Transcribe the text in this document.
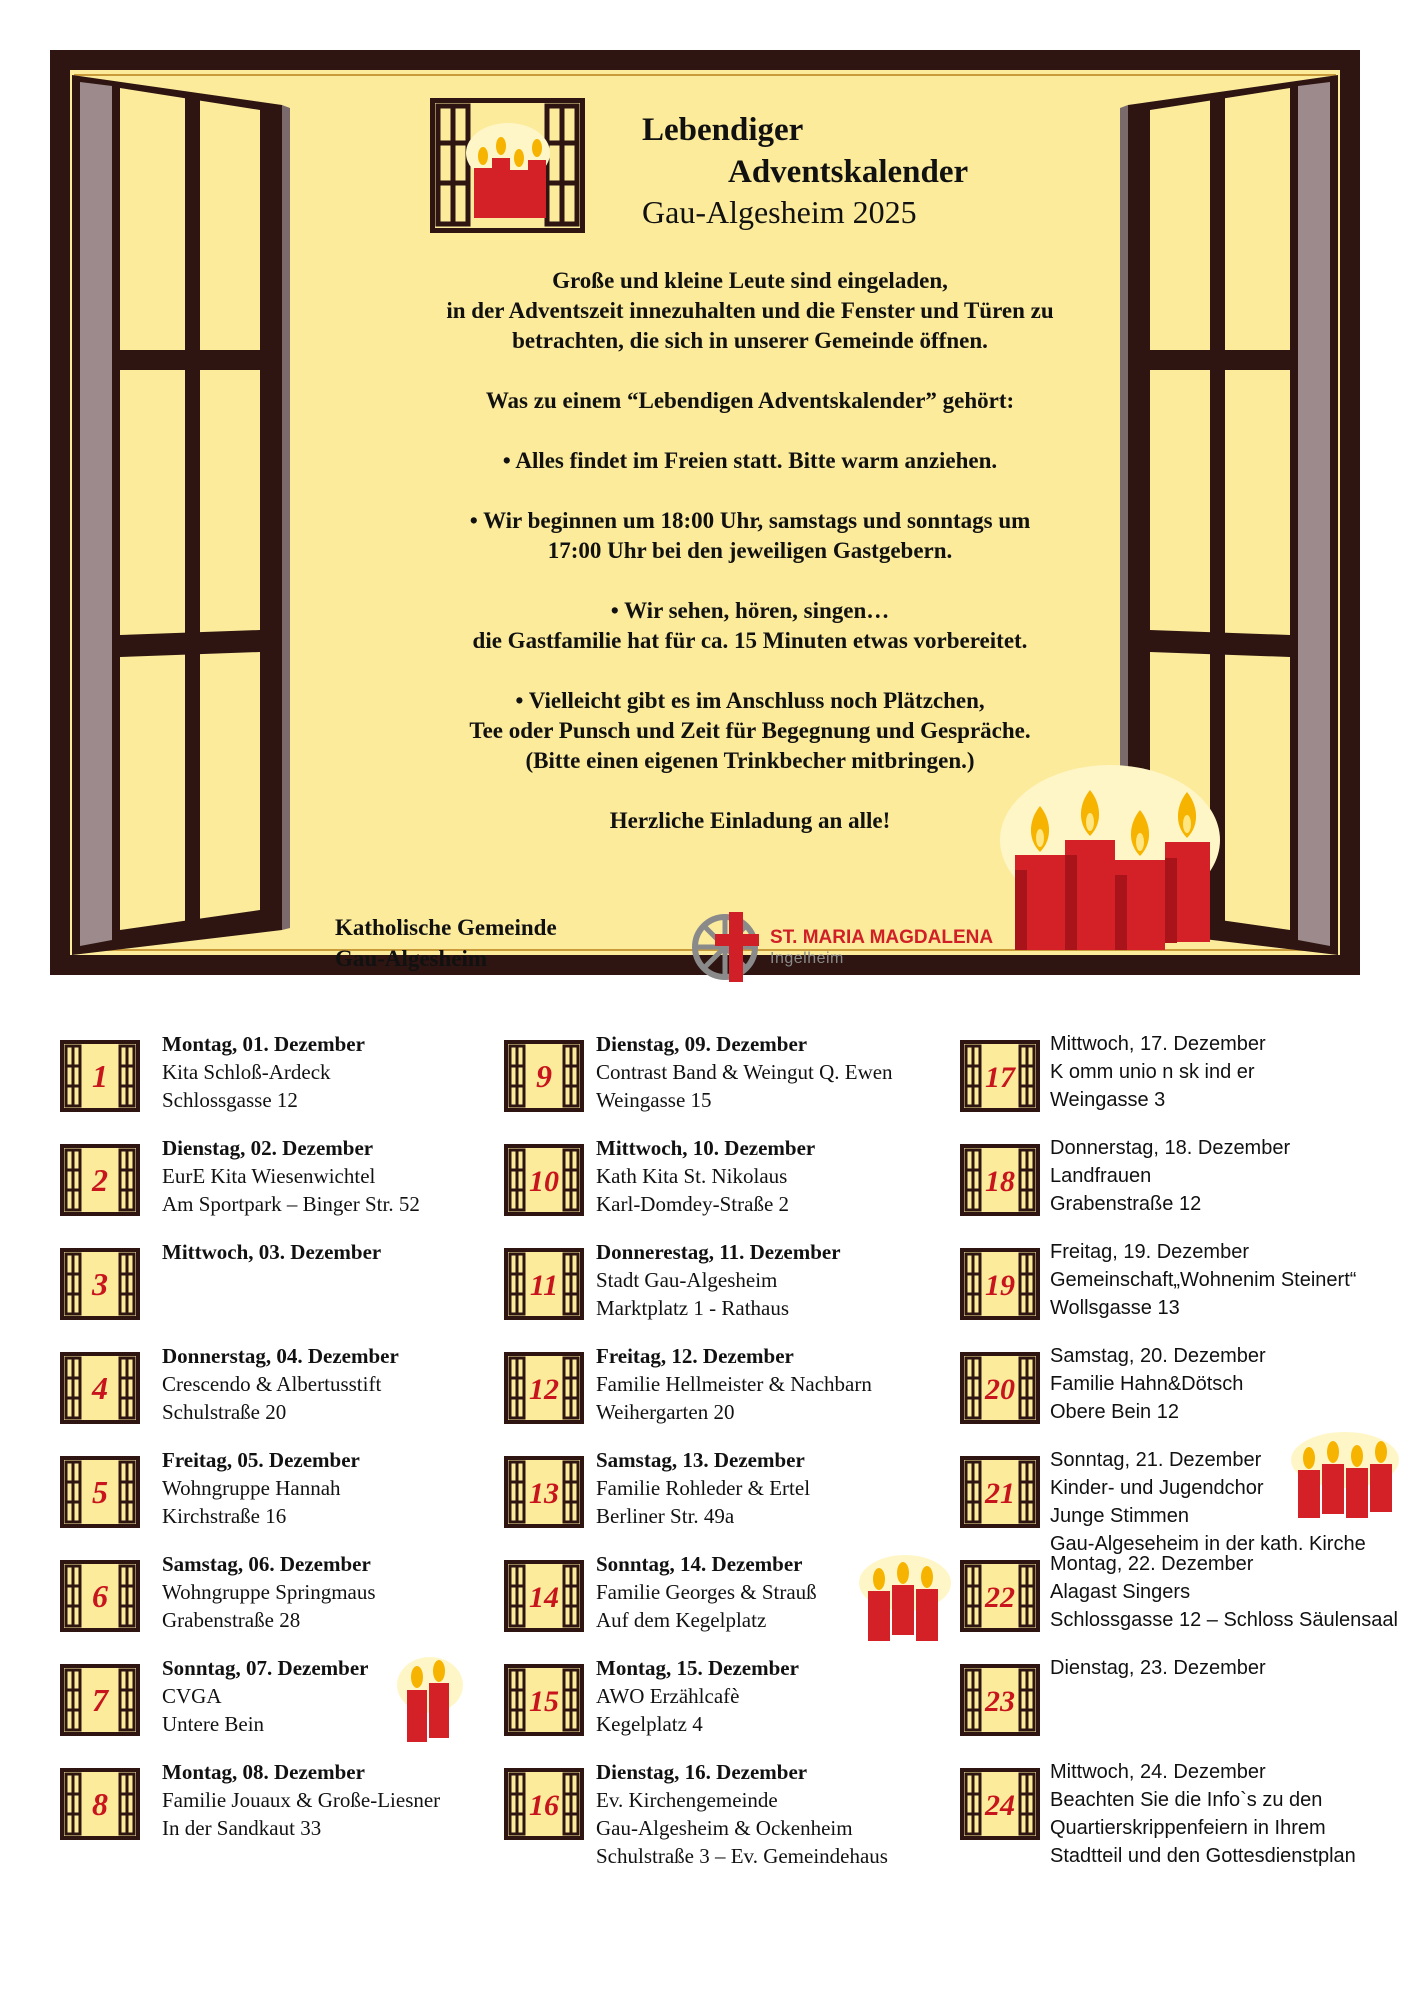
Lebendiger
Adventskalender
Gau-Algesheim 2025

Große und kleine Leute sind eingeladen,

in der Adventszeit innezuhalten und die Fenster und Türen zu

betrachten, die sich in unserer Gemeinde öffnen.

Was zu einem “Lebendigen Adventskalender” gehört:

• Alles findet im Freien statt. Bitte warm anziehen.

• Wir beginnen um 18:00 Uhr, samstags und sonntags um

17:00 Uhr bei den jeweiligen Gastgebern.

• Wir sehen, hören, singen…

die Gastfamilie hat für ca. 15 Minuten etwas vorbereitet.

• Vielleicht gibt es im Anschluss noch Plätzchen,

Tee oder Punsch und Zeit für Begegnung und Gespräche.

(Bitte einen eigenen Trinkbecher mitbringen.)

Herzliche Einladung an alle!

Katholische Gemeinde
Gau-Algesheim
ST. MARIA MAGDALENA
Ingelheim
1
Montag, 01. Dezember
Kita Schloß-Ardeck
Schlossgasse 12
2
Dienstag, 02. Dezember
EurE Kita Wiesenwichtel
Am Sportpark – Binger Str. 52
3
Mittwoch, 03. Dezember
4
Donnerstag, 04. Dezember
Crescendo & Albertusstift
Schulstraße 20
5
Freitag, 05. Dezember
Wohngruppe Hannah
Kirchstraße 16
6
Samstag, 06. Dezember
Wohngruppe Springmaus
Grabenstraße 28
7
Sonntag, 07. Dezember
CVGA
Untere Bein
8
Montag, 08. Dezember
Familie Jouaux & Große-Liesner
In der Sandkaut 33
9
Dienstag, 09. Dezember
Contrast Band & Weingut Q. Ewen
Weingasse 15
10
Mittwoch, 10. Dezember
Kath Kita St. Nikolaus
Karl-Domdey-Straße 2
11
Donnerestag, 11. Dezember
Stadt Gau-Algesheim
Marktplatz 1 - Rathaus
12
Freitag, 12. Dezember
Familie Hellmeister & Nachbarn
Weihergarten 20
13
Samstag, 13. Dezember
Familie Rohleder & Ertel
Berliner Str. 49a
14
Sonntag, 14. Dezember
Familie Georges & Strauß
Auf dem Kegelplatz
15
Montag, 15. Dezember
AWO Erzählcafè
Kegelplatz 4
16
Dienstag, 16. Dezember
Ev. Kirchengemeinde
Gau-Algesheim & Ockenheim
Schulstraße 3 – Ev. Gemeindehaus
17
Mittwoch, 17. Dezember
K omm unio n sk ind er
Weingasse 3
18
Donnerstag, 18. Dezember
Landfrauen
Grabenstraße 12
19
Freitag, 19. Dezember
Gemeinschaft„Wohnenim Steinert“
Wollsgasse 13
20
Samstag, 20. Dezember
Familie Hahn&Dötsch
Obere Bein 12
21
Sonntag, 21. Dezember
Kinder- und Jugendchor
Junge Stimmen
Gau-Algeseheim in der kath. Kirche
22
Montag, 22. Dezember
Alagast Singers
Schlossgasse 12 – Schloss Säulensaal
23
Dienstag, 23. Dezember
24
Mittwoch, 24. Dezember
Beachten Sie die Info`s zu den
Quartierskrippenfeiern in Ihrem
Stadtteil und den Gottesdienstplan
